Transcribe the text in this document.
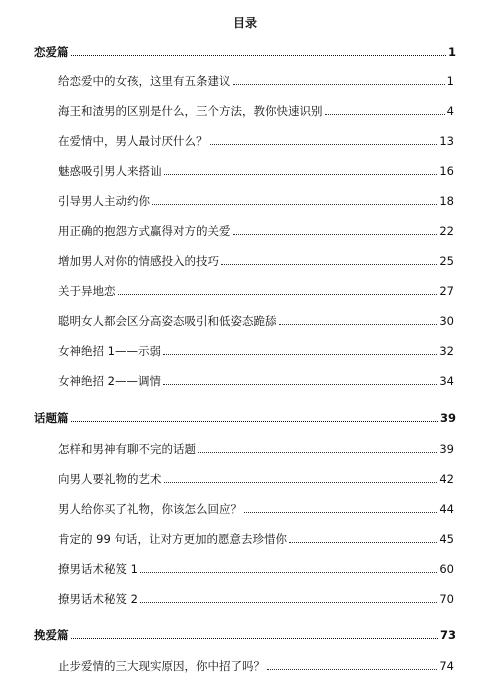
目录
恋爱篇	1
给恋爱中的女孩，这里有五条建议	1
海王和渣男的区别是什么，三个方法，教你快速识别	4
在爱情中，男人最讨厌什么？	13
魅惑吸引男人来搭讪	16
引导男人主动约你	18
用正确的抱怨方式赢得对方的关爱	22
增加男人对你的情感投入的技巧	25
关于异地恋	27
聪明女人都会区分高姿态吸引和低姿态跪舔	30
女神绝招 1——示弱	32
女神绝招 2——调情	34
话题篇	39
怎样和男神有聊不完的话题	39
向男人要礼物的艺术	42
男人给你买了礼物，你该怎么回应？	44
肯定的 99 句话，让对方更加的愿意去珍惜你	45
撩男话术秘笈 1	60
撩男话术秘笈 2	70
挽爱篇	73
止步爱情的三大现实原因，你中招了吗？	74
